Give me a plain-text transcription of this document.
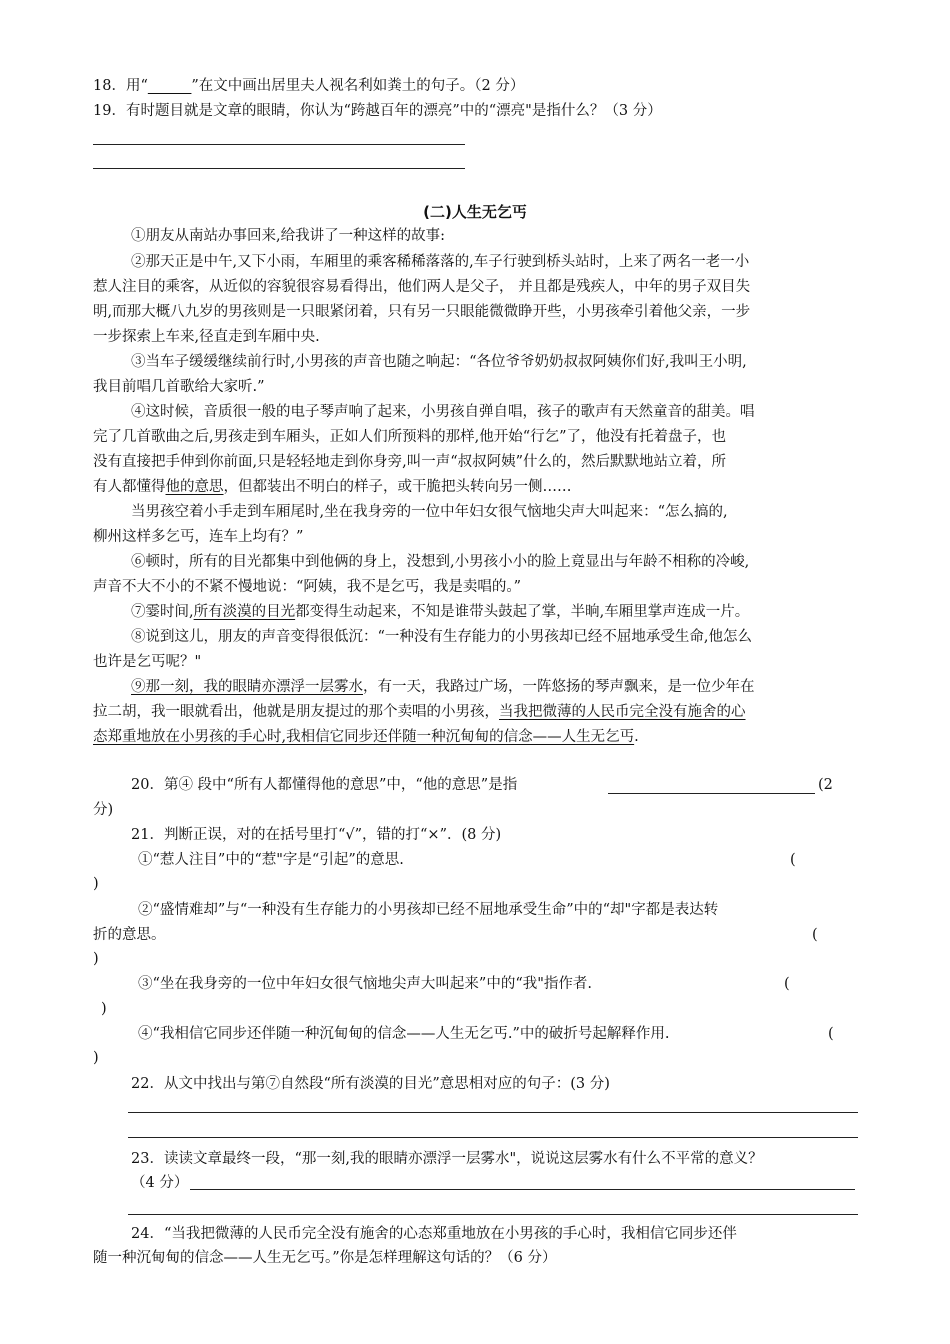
18．用“______”在文中画出居里夫人视名利如粪土的句子。（2 分）
19．有时题目就是文章的眼睛，你认为“跨越百年的漂亮”中的“漂亮"是指什么？（3 分）
(二)人生无乞丐
①朋友从南站办事回来,给我讲了一种这样的故事:
②那天正是中午,又下小雨，车厢里的乘客稀稀落落的,车子行驶到桥头站时，上来了两名一老一小
惹人注目的乘客，从近似的容貌很容易看得出，他们两人是父子， 并且都是残疾人，中年的男子双目失
明,而那大概八九岁的男孩则是一只眼紧闭着，只有另一只眼能微微睁开些，小男孩牵引着他父亲，一步
一步探索上车来,径直走到车厢中央.
③当车子缓缓继续前行时,小男孩的声音也随之响起：“各位爷爷奶奶叔叔阿姨你们好,我叫王小明,
我目前唱几首歌给大家听.”
④这时候，音质很一般的电子琴声响了起来，小男孩自弹自唱，孩子的歌声有天然童音的甜美。唱
完了几首歌曲之后,男孩走到车厢头，正如人们所预料的那样,他开始“行乞”了，他没有托着盘子，也
没有直接把手伸到你前面,只是轻轻地走到你身旁,叫一声“叔叔阿姨”什么的，然后默默地站立着，所
有人都懂得他的意思，但都装出不明白的样子，或干脆把头转向另一侧……
当男孩空着小手走到车厢尾时,坐在我身旁的一位中年妇女很气恼地尖声大叫起来：“怎么搞的,
柳州这样多乞丐，连车上均有？”
⑥顿时，所有的目光都集中到他俩的身上，没想到,小男孩小小的脸上竟显出与年龄不相称的冷峻,
声音不大不小的不紧不慢地说：“阿姨，我不是乞丐，我是卖唱的。”
⑦霎时间,所有淡漠的目光都变得生动起来，不知是谁带头鼓起了掌，半晌,车厢里掌声连成一片。
⑧说到这儿，朋友的声音变得很低沉：“一种没有生存能力的小男孩却已经不屈地承受生命,他怎么
也许是乞丐呢？"
⑨那一刻，我的眼睛亦漂浮一层雾水，有一天，我路过广场，一阵悠扬的琴声飘来，是一位少年在
拉二胡，我一眼就看出，他就是朋友提过的那个卖唱的小男孩，当我把微薄的人民币完全没有施舍的心
态郑重地放在小男孩的手心时,我相信它同步还伴随一种沉甸甸的信念——人生无乞丐.
20．第④ 段中“所有人都懂得他的意思”中，“他的意思”是指	(2
分)
21．判断正误，对的在括号里打“√”，错的打“×”．(8 分)
①“惹人注目”中的“惹"字是“引起”的意思.	(
)
②“盛情难却”与“一种没有生存能力的小男孩却已经不屈地承受生命”中的“却"字都是表达转
折的意思。	(
)
③“坐在我身旁的一位中年妇女很气恼地尖声大叫起来”中的“我"指作者.	(
)
④“我相信它同步还伴随一种沉甸甸的信念——人生无乞丐.”中的破折号起解释作用.	(
)
22．从文中找出与第⑦自然段“所有淡漠的目光”意思相对应的句子：(3 分)
23．读读文章最终一段，“那一刻,我的眼睛亦漂浮一层雾水"，说说这层雾水有什么不平常的意义？
（4 分）
24．“当我把微薄的人民币完全没有施舍的心态郑重地放在小男孩的手心时，我相信它同步还伴
随一种沉甸甸的信念——人生无乞丐。”你是怎样理解这句话的？（6 分）
